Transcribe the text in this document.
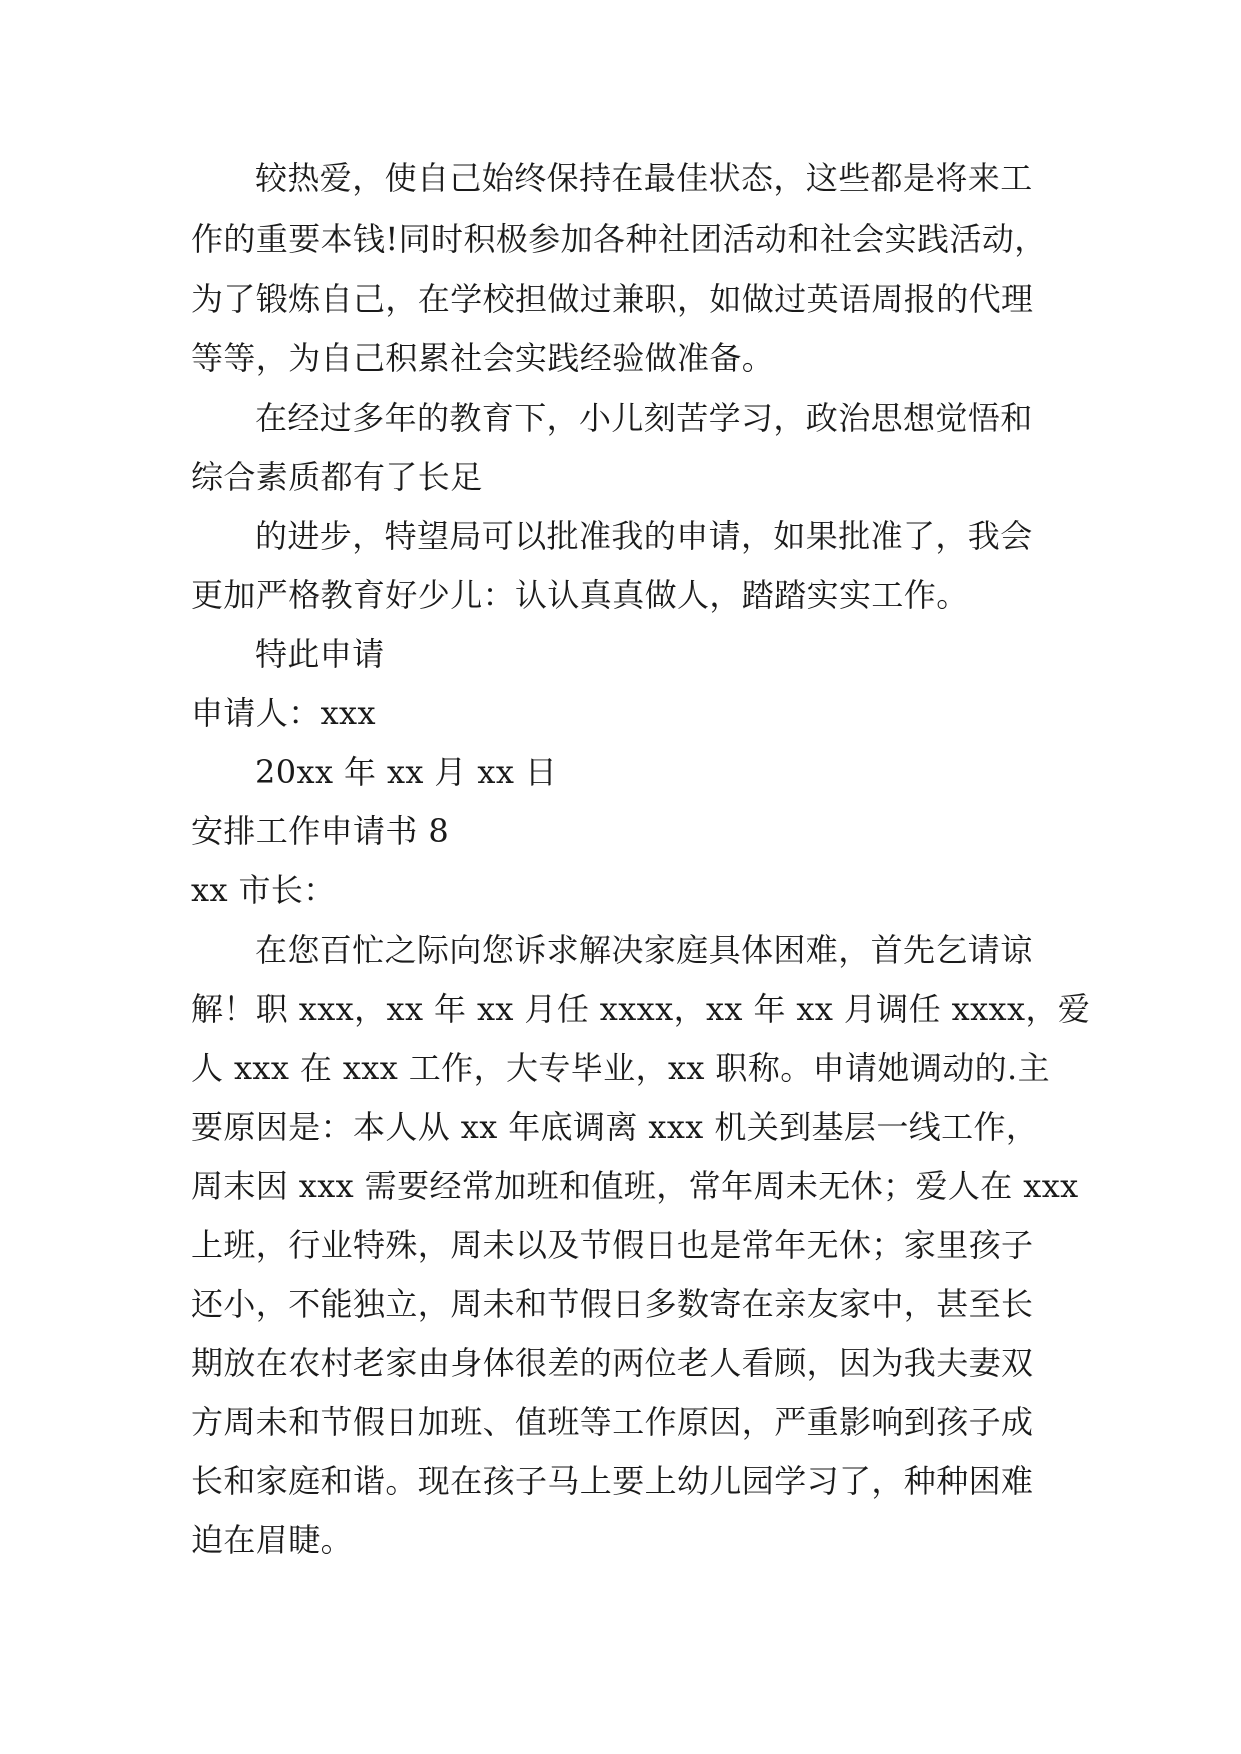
较热爱，使自己始终保持在最佳状态，这些都是将来工
作的重要本钱!同时积极参加各种社团活动和社会实践活动，
为了锻炼自己，在学校担做过兼职，如做过英语周报的代理
等等，为自己积累社会实践经验做准备。
在经过多年的教育下，小儿刻苦学习，政治思想觉悟和
综合素质都有了长足
的进步，特望局可以批准我的申请，如果批准了，我会
更加严格教育好少儿：认认真真做人，踏踏实实工作。
特此申请
申请人：xxx
20xx 年 xx 月 xx 日
安排工作申请书 8
xx 市长：
在您百忙之际向您诉求解决家庭具体困难，首先乞请谅
解！职 xxx，xx 年 xx 月任 xxxx，xx 年 xx 月调任 xxxx，爱
人 xxx 在 xxx 工作，大专毕业，xx 职称。申请她调动的.主
要原因是：本人从 xx 年底调离 xxx 机关到基层一线工作，
周末因 xxx 需要经常加班和值班，常年周未无休；爱人在 xxx
上班，行业特殊，周未以及节假日也是常年无休；家里孩子
还小，不能独立，周未和节假日多数寄在亲友家中，甚至长
期放在农村老家由身体很差的两位老人看顾，因为我夫妻双
方周未和节假日加班、值班等工作原因，严重影响到孩子成
长和家庭和谐。现在孩子马上要上幼儿园学习了，种种困难
迫在眉睫。
